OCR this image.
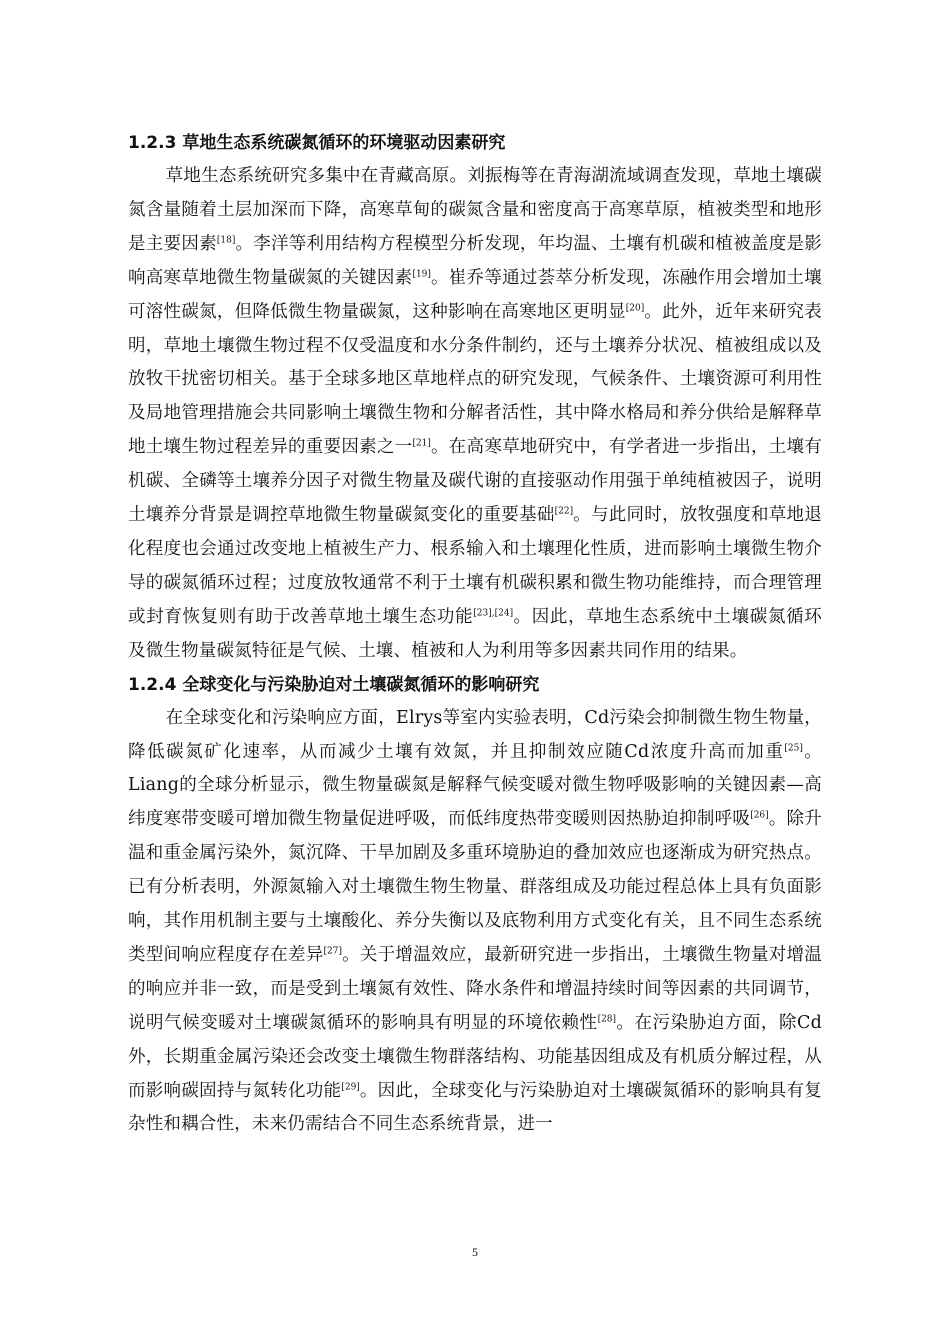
1.2.3 草地生态系统碳氮循环的环境驱动因素研究

草地生态系统研究多集中在青藏高原。刘振梅等在青海湖流域调查发现，草地土壤碳氮含量随着土层加深而下降，高寒草甸的碳氮含量和密度高于高寒草原，植被类型和地形是主要因素[18]。李洋等利用结构方程模型分析发现，年均温、土壤有机碳和植被盖度是影响高寒草地微生物量碳氮的关键因素[19]。崔乔等通过荟萃分析发现，冻融作用会增加土壤可溶性碳氮，但降低微生物量碳氮，这种影响在高寒地区更明显[20]。此外，近年来研究表明，草地土壤微生物过程不仅受温度和水分条件制约，还与土壤养分状况、植被组成以及放牧干扰密切相关。基于全球多地区草地样点的研究发现，气候条件、土壤资源可利用性及局地管理措施会共同影响土壤微生物和分解者活性，其中降水格局和养分供给是解释草地土壤生物过程差异的重要因素之一[21]。在高寒草地研究中，有学者进一步指出，土壤有机碳、全磷等土壤养分因子对微生物量及碳代谢的直接驱动作用强于单纯植被因子，说明土壤养分背景是调控草地微生物量碳氮变化的重要基础[22]。与此同时，放牧强度和草地退化程度也会通过改变地上植被生产力、根系输入和土壤理化性质，进而影响土壤微生物介导的碳氮循环过程；过度放牧通常不利于土壤有机碳积累和微生物功能维持，而合理管理或封育恢复则有助于改善草地土壤生态功能[23],[24]。因此，草地生态系统中土壤碳氮循环及微生物量碳氮特征是气候、土壤、植被和人为利用等多因素共同作用的结果。

1.2.4 全球变化与污染胁迫对土壤碳氮循环的影响研究

在全球变化和污染响应方面，Elrys等室内实验表明，Cd污染会抑制微生物生物量，降低碳氮矿化速率，从而减少土壤有效氮，并且抑制效应随Cd浓度升高而加重[25]。Liang的全球分析显示，微生物量碳氮是解释气候变暖对微生物呼吸影响的关键因素—高纬度寒带变暖可增加微生物量促进呼吸，而低纬度热带变暖则因热胁迫抑制呼吸[26]。除升温和重金属污染外，氮沉降、干旱加剧及多重环境胁迫的叠加效应也逐渐成为研究热点。已有分析表明，外源氮输入对土壤微生物生物量、群落组成及功能过程总体上具有负面影响，其作用机制主要与土壤酸化、养分失衡以及底物利用方式变化有关，且不同生态系统类型间响应程度存在差异[27]。关于增温效应，最新研究进一步指出，土壤微生物量对增温的响应并非一致，而是受到土壤氮有效性、降水条件和增温持续时间等因素的共同调节，说明气候变暖对土壤碳氮循环的影响具有明显的环境依赖性[28]。在污染胁迫方面，除Cd外，长期重金属污染还会改变土壤微生物群落结构、功能基因组成及有机质分解过程，从而影响碳固持与氮转化功能[29]。因此，全球变化与污染胁迫对土壤碳氮循环的影响具有复杂性和耦合性，未来仍需结合不同生态系统背景，进一

5
